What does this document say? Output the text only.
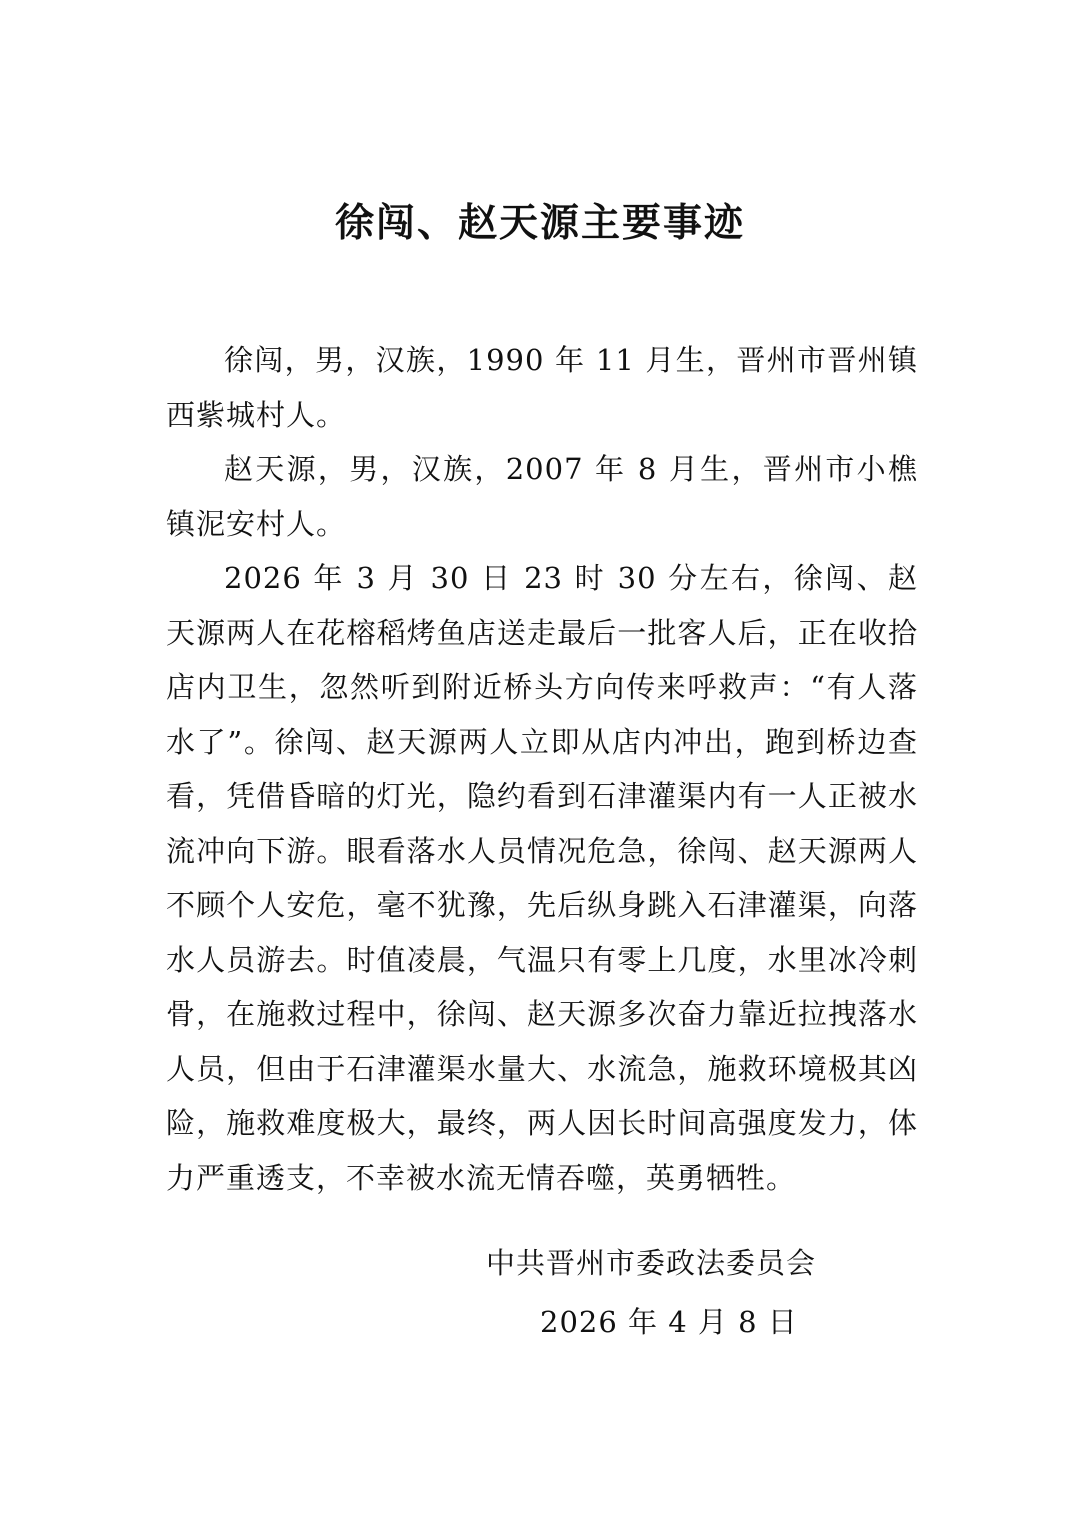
徐闯、赵天源主要事迹

徐闯，男，汉族，1990 年 11 月生，晋州市晋州镇西紫城村人。

赵天源，男，汉族，2007 年 8 月生，晋州市小樵镇泥安村人。

2026 年 3 月 30 日 23 时 30 分左右，徐闯、赵天源两人在花榕稻烤鱼店送走最后一批客人后，正在收拾店内卫生，忽然听到附近桥头方向传来呼救声：“有人落水了”。徐闯、赵天源两人立即从店内冲出，跑到桥边查看，凭借昏暗的灯光，隐约看到石津灌渠内有一人正被水流冲向下游。眼看落水人员情况危急，徐闯、赵天源两人不顾个人安危，毫不犹豫，先后纵身跳入石津灌渠，向落水人员游去。时值凌晨，气温只有零上几度，水里冰冷刺骨，在施救过程中，徐闯、赵天源多次奋力靠近拉拽落水人员，但由于石津灌渠水量大、水流急，施救环境极其凶险，施救难度极大，最终，两人因长时间高强度发力，体力严重透支，不幸被水流无情吞噬，英勇牺牲。

中共晋州市委政法委员会
2026 年 4 月 8 日
